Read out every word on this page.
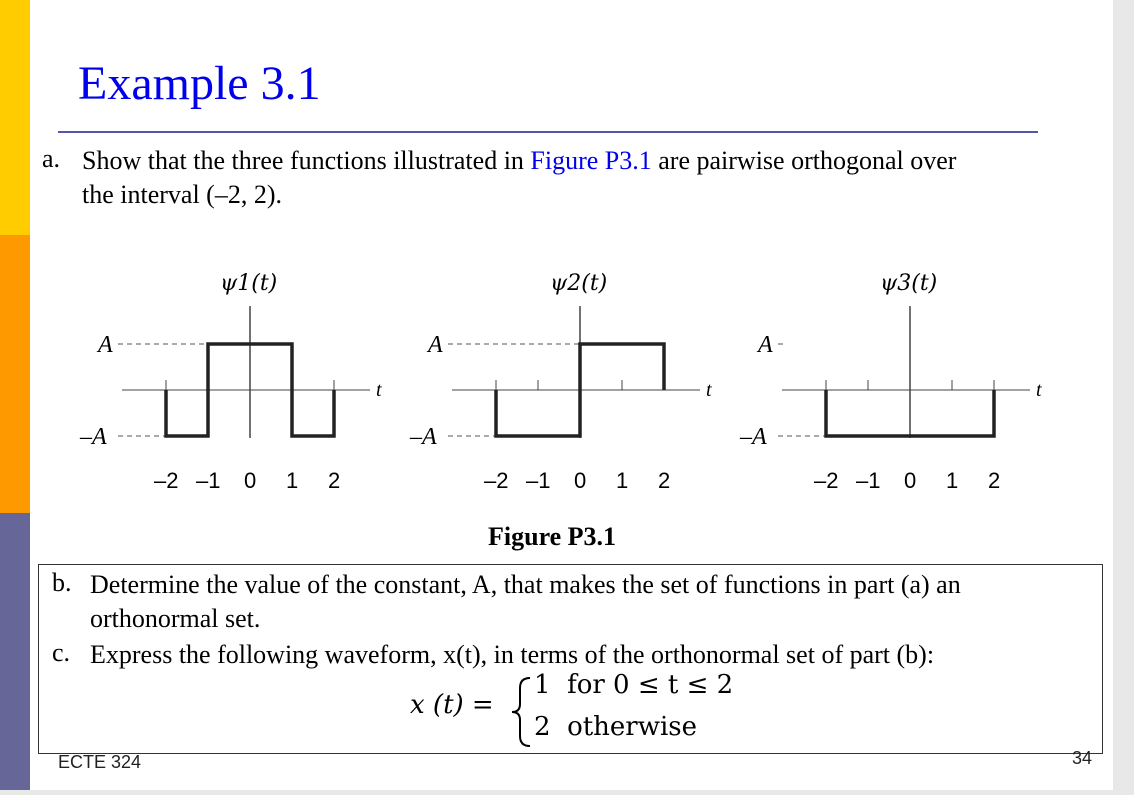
Example 3.1
a. Show that the three functions illustrated in Figure P3.1 are pairwise orthogonal over
the interval (–2, 2).
ψ1(t)
A
–A
t
–2 –1 0 1 2
ψ2(t)
A
–A
t
–2 –1 0 1 2
ψ3(t)
A
–A
t
–2 –1 0 1 2
Figure P3.1
b. Determine the value of the constant, A, that makes the set of functions in part (a) an
orthonormal set.
c. Express the following waveform, x(t), in terms of the orthonormal set of part (b):
x (t) =
1  for 0 ≤ t ≤ 2
2  otherwise
ECTE 324	34
